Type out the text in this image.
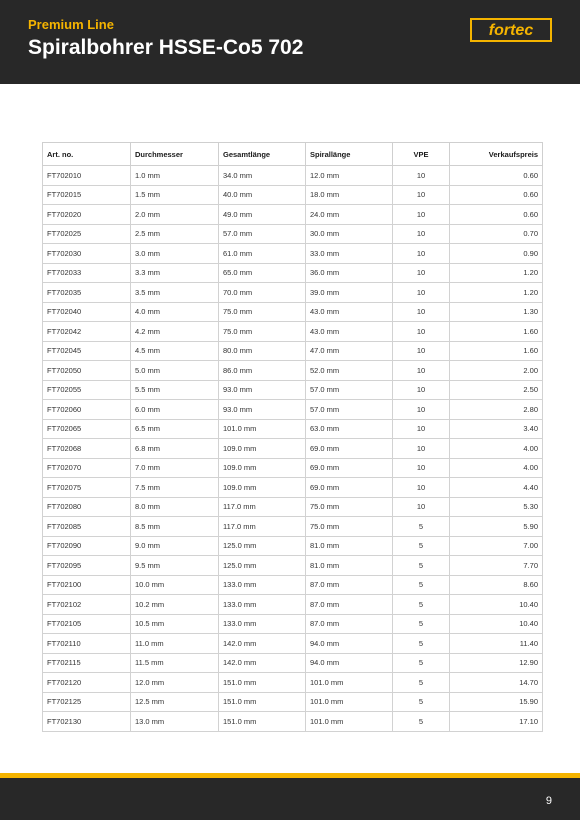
Premium Line
Spiralbohrer HSSE-Co5 702
fortec
Art. no.	Durchmesser	Gesamtlänge	Spirallänge	VPE	Verkaufspreis
FT702010	1.0 mm	34.0 mm	12.0 mm	10	0.60
FT702015	1.5 mm	40.0 mm	18.0 mm	10	0.60
FT702020	2.0 mm	49.0 mm	24.0 mm	10	0.60
FT702025	2.5 mm	57.0 mm	30.0 mm	10	0.70
FT702030	3.0 mm	61.0 mm	33.0 mm	10	0.90
FT702033	3.3 mm	65.0 mm	36.0 mm	10	1.20
FT702035	3.5 mm	70.0 mm	39.0 mm	10	1.20
FT702040	4.0 mm	75.0 mm	43.0 mm	10	1.30
FT702042	4.2 mm	75.0 mm	43.0 mm	10	1.60
FT702045	4.5 mm	80.0 mm	47.0 mm	10	1.60
FT702050	5.0 mm	86.0 mm	52.0 mm	10	2.00
FT702055	5.5 mm	93.0 mm	57.0 mm	10	2.50
FT702060	6.0 mm	93.0 mm	57.0 mm	10	2.80
FT702065	6.5 mm	101.0 mm	63.0 mm	10	3.40
FT702068	6.8 mm	109.0 mm	69.0 mm	10	4.00
FT702070	7.0 mm	109.0 mm	69.0 mm	10	4.00
FT702075	7.5 mm	109.0 mm	69.0 mm	10	4.40
FT702080	8.0 mm	117.0 mm	75.0 mm	10	5.30
FT702085	8.5 mm	117.0 mm	75.0 mm	5	5.90
FT702090	9.0 mm	125.0 mm	81.0 mm	5	7.00
FT702095	9.5 mm	125.0 mm	81.0 mm	5	7.70
FT702100	10.0 mm	133.0 mm	87.0 mm	5	8.60
FT702102	10.2 mm	133.0 mm	87.0 mm	5	10.40
FT702105	10.5 mm	133.0 mm	87.0 mm	5	10.40
FT702110	11.0 mm	142.0 mm	94.0 mm	5	11.40
FT702115	11.5 mm	142.0 mm	94.0 mm	5	12.90
FT702120	12.0 mm	151.0 mm	101.0 mm	5	14.70
FT702125	12.5 mm	151.0 mm	101.0 mm	5	15.90
FT702130	13.0 mm	151.0 mm	101.0 mm	5	17.10
9
